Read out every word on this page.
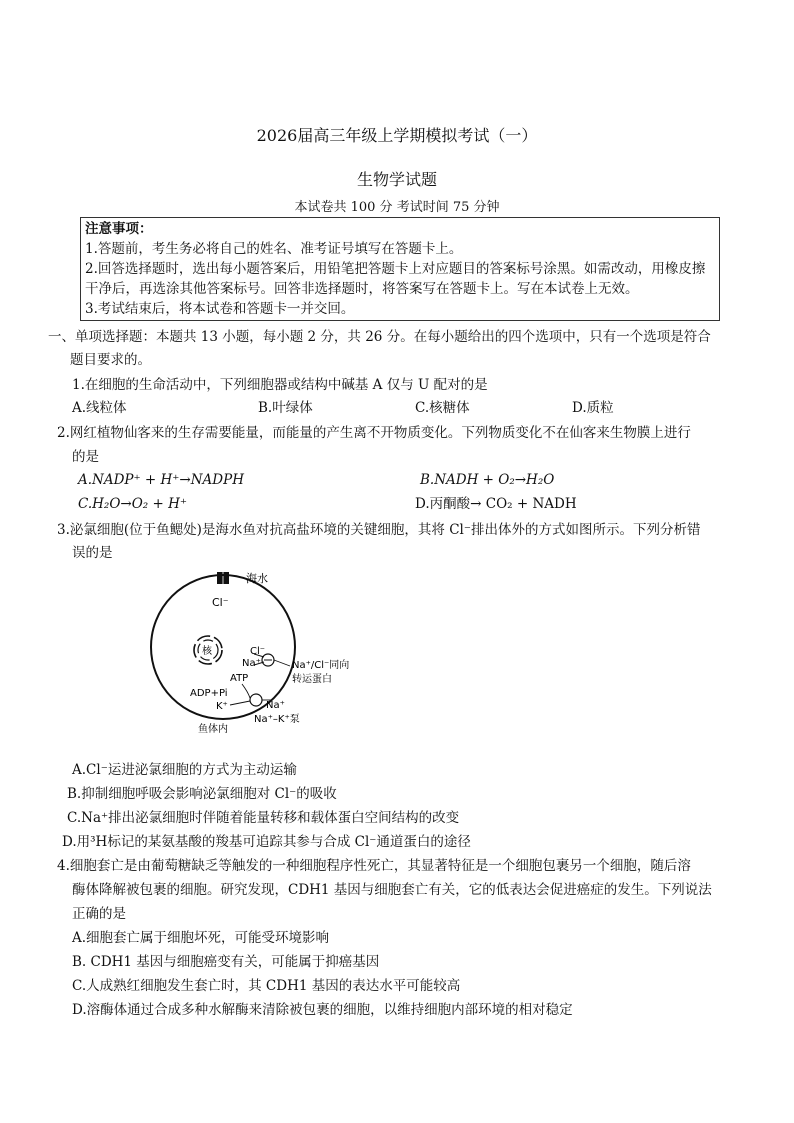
2026届高三年级上学期模拟考试（一）
生物学试题
本试卷共 100 分 考试时间 75 分钟
注意事项：
1.答题前，考生务必将自己的姓名、准考证号填写在答题卡上。
2.回答选择题时，选出每小题答案后，用铅笔把答题卡上对应题目的答案标号涂黑。如需改动，用橡皮擦
干净后，再选涂其他答案标号。回答非选择题时，将答案写在答题卡上。写在本试卷上无效。
3.考试结束后，将本试卷和答题卡一并交回。
一、单项选择题：本题共 13 小题，每小题 2 分，共 26 分。在每小题给出的四个选项中，只有一个选项是符合
题目要求的。
1.在细胞的生命活动中，下列细胞器或结构中碱基 A 仅与 U 配对的是
A.线粒体	B.叶绿体	C.核糖体	D.质粒
2.网红植物仙客来的生存需要能量，而能量的产生离不开物质变化。下列物质变化不在仙客来生物膜上进行
的是
A.NADP⁺ + H⁺→NADPH	B.NADH + O₂→H₂O
C.H₂O→O₂ + H⁺	D.丙酮酸→ CO₂ + NADH
3.泌氯细胞(位于鱼鳃处)是海水鱼对抗高盐环境的关键细胞，其将 Cl⁻排出体外的方式如图所示。下列分析错
误的是
海水
Cl⁻
核	Cl⁻
Na⁺	Na⁺/Cl⁻同向
转运蛋白
ATP
ADP+Pi
K⁺	Na⁺
Na⁺–K⁺泵
鱼体内
A.Cl⁻运进泌氯细胞的方式为主动运输
B.抑制细胞呼吸会影响泌氯细胞对 Cl⁻的吸收
C.Na⁺排出泌氯细胞时伴随着能量转移和载体蛋白空间结构的改变
D.用³H标记的某氨基酸的羧基可追踪其参与合成 Cl⁻通道蛋白的途径
4.细胞套亡是由葡萄糖缺乏等触发的一种细胞程序性死亡，其显著特征是一个细胞包裹另一个细胞，随后溶
酶体降解被包裹的细胞。研究发现，CDH1 基因与细胞套亡有关，它的低表达会促进癌症的发生。下列说法
正确的是
A.细胞套亡属于细胞坏死，可能受环境影响
B. CDH1 基因与细胞癌变有关，可能属于抑癌基因
C.人成熟红细胞发生套亡时，其 CDH1 基因的表达水平可能较高
D.溶酶体通过合成多种水解酶来清除被包裹的细胞，以维持细胞内部环境的相对稳定
